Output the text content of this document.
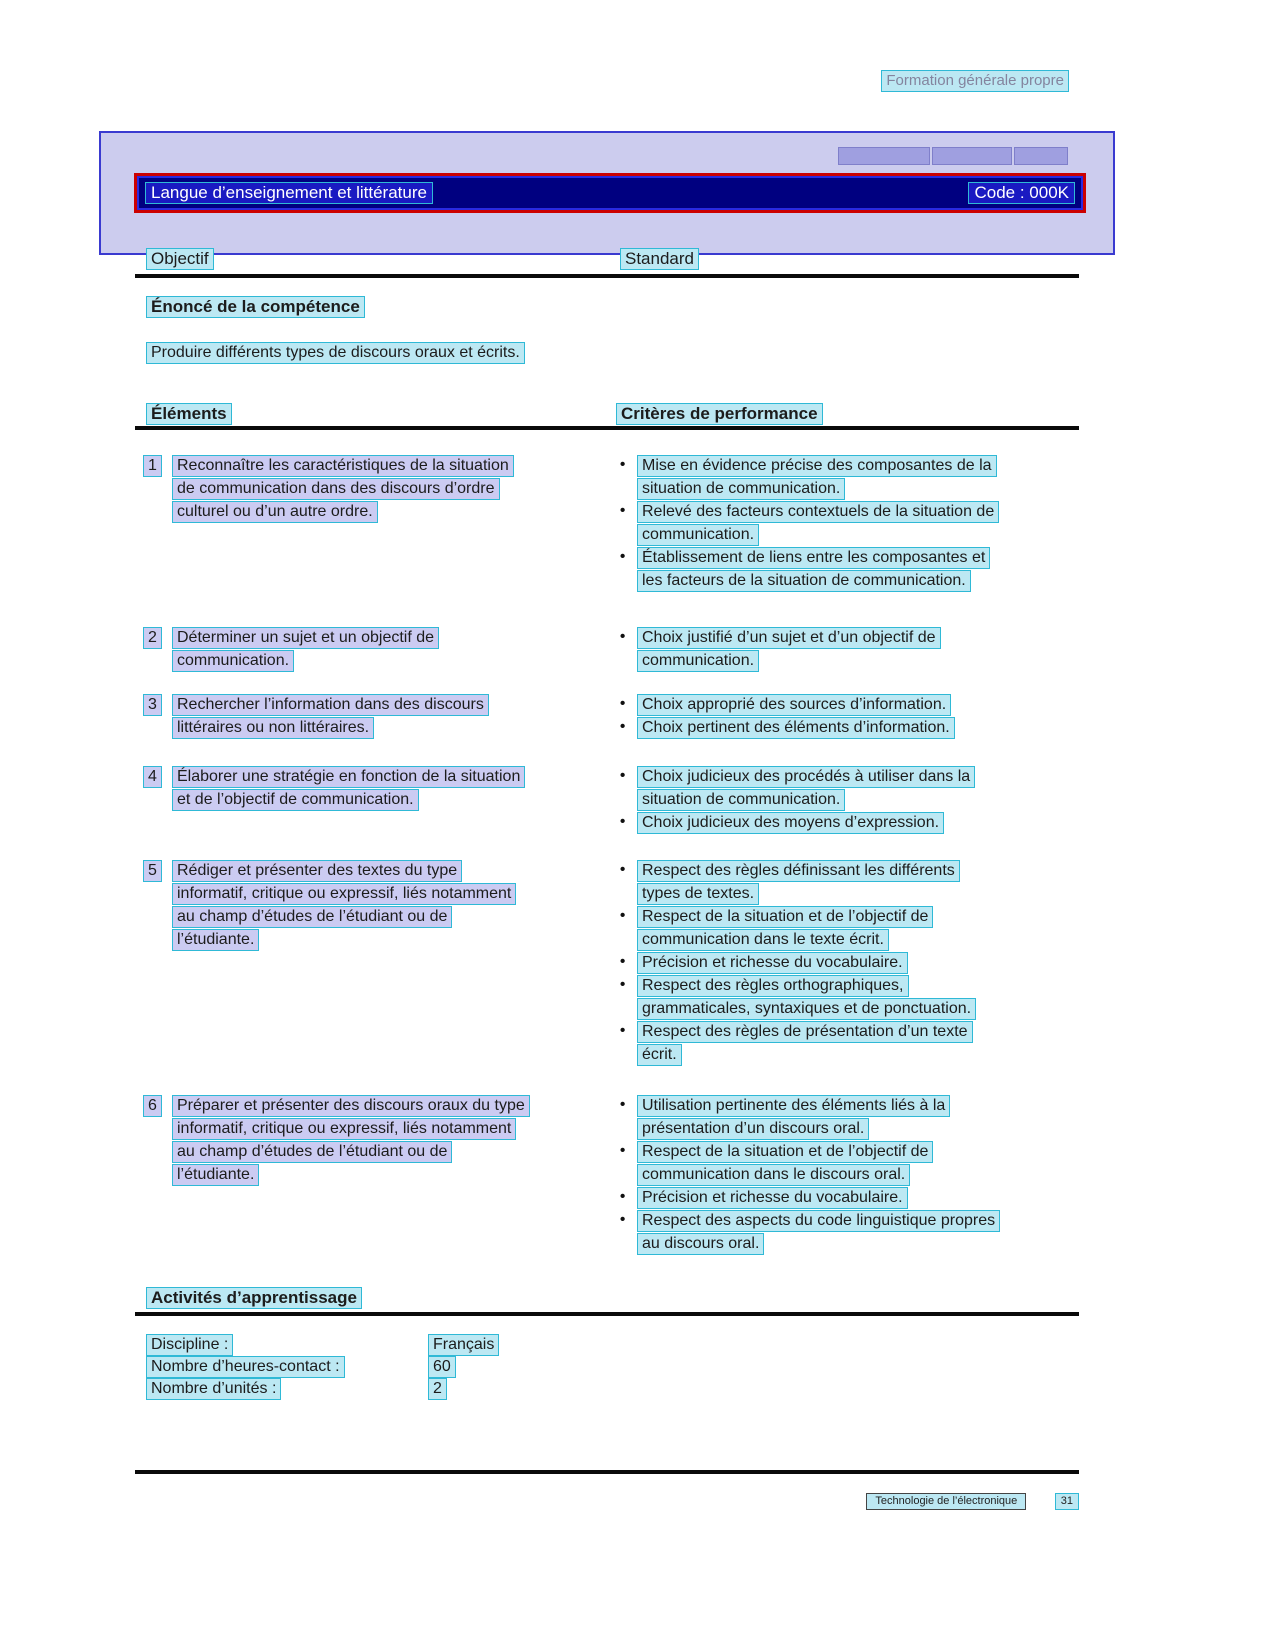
Formation générale propre
Langue d’enseignement et littérature	Code : 000K
Objectif	Standard
Énoncé de la compétence
Produire différents types de discours oraux et écrits.
Éléments	Critères de performance
1	Reconnaître les caractéristiques de la situation
de communication dans des discours d’ordre
culturel ou d’un autre ordre.
• Mise en évidence précise des composantes de la
situation de communication.
• Relevé des facteurs contextuels de la situation de
communication.
• Établissement de liens entre les composantes et
les facteurs de la situation de communication.
2	Déterminer un sujet et un objectif de
communication.
• Choix justifié d’un sujet et d’un objectif de
communication.
3	Rechercher l’information dans des discours
littéraires ou non littéraires.
• Choix approprié des sources d’information.
• Choix pertinent des éléments d’information.
4	Élaborer une stratégie en fonction de la situation
et de l’objectif de communication.
• Choix judicieux des procédés à utiliser dans la
situation de communication.
• Choix judicieux des moyens d’expression.
5	Rédiger et présenter des textes du type
informatif, critique ou expressif, liés notamment
au champ d’études de l’étudiant ou de
l’étudiante.
• Respect des règles définissant les différents
types de textes.
• Respect de la situation et de l’objectif de
communication dans le texte écrit.
• Précision et richesse du vocabulaire.
• Respect des règles orthographiques,
grammaticales, syntaxiques et de ponctuation.
• Respect des règles de présentation d’un texte
écrit.
6	Préparer et présenter des discours oraux du type
informatif, critique ou expressif, liés notamment
au champ d’études de l’étudiant ou de
l’étudiante.
• Utilisation pertinente des éléments liés à la
présentation d’un discours oral.
• Respect de la situation et de l’objectif de
communication dans le discours oral.
• Précision et richesse du vocabulaire.
• Respect des aspects du code linguistique propres
au discours oral.
Activités d’apprentissage
Discipline :	Français
Nombre d’heures-contact :	60
Nombre d’unités :	2
Technologie de l’électronique	31
